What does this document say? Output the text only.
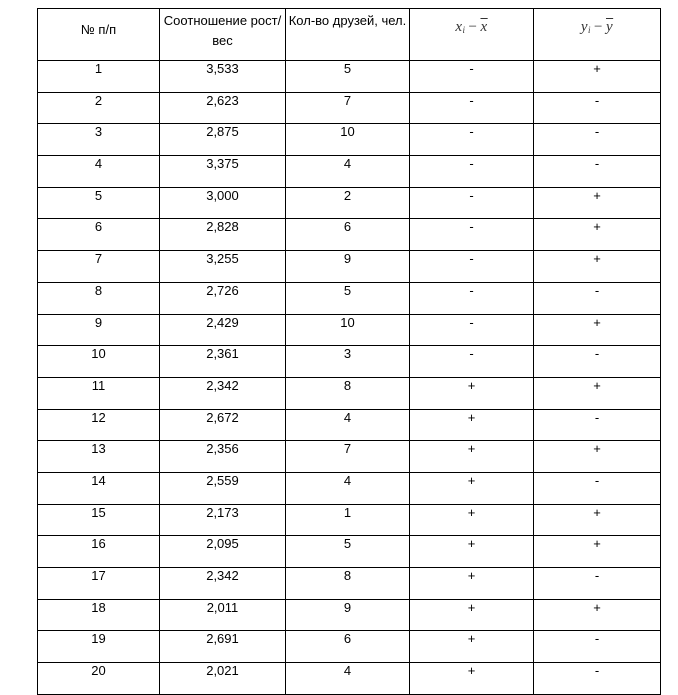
№ п/п	Соотношение рост/вес	Кол-во друзей, чел.	$x_i - \overline{x}$	$y_i - \overline{y}$
1	3,533	5	-	+
2	2,623	7	-	-
3	2,875	10	-	-
4	3,375	4	-	-
5	3,000	2	-	+
6	2,828	6	-	+
7	3,255	9	-	+
8	2,726	5	-	-
9	2,429	10	-	+
10	2,361	3	-	-
11	2,342	8	+	+
12	2,672	4	+	-
13	2,356	7	+	+
14	2,559	4	+	-
15	2,173	1	+	+
16	2,095	5	+	+
17	2,342	8	+	-
18	2,011	9	+	+
19	2,691	6	+	-
20	2,021	4	+	-
